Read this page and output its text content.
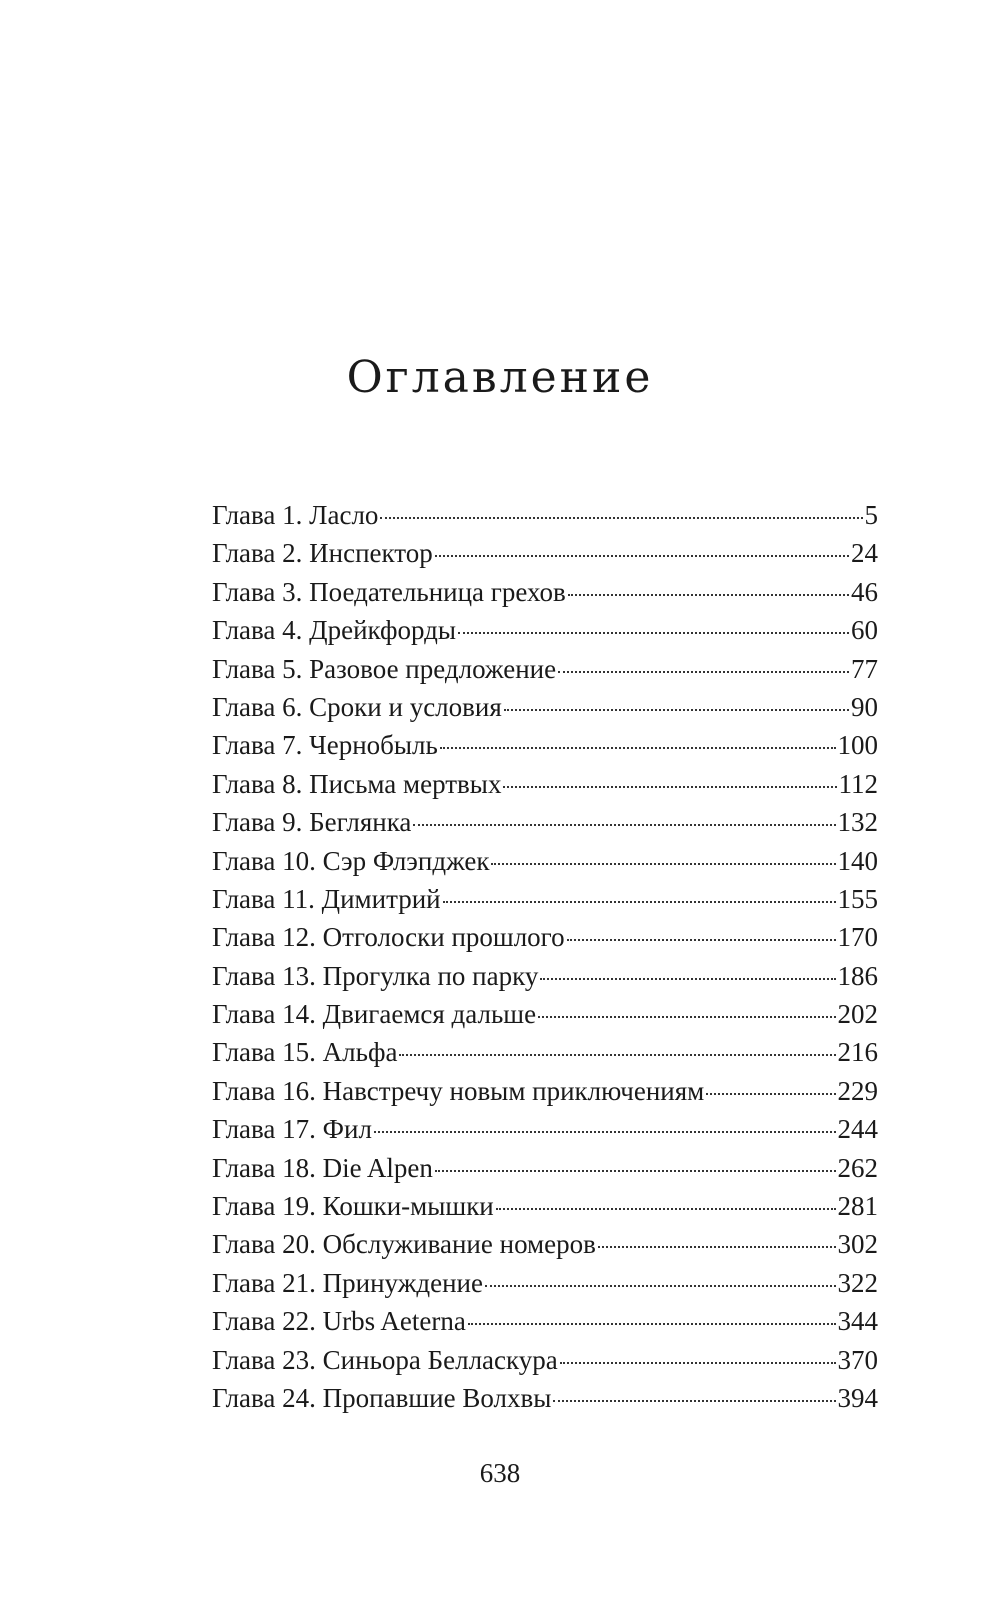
Оглавление
Глава 1. Ласло	5
Глава 2. Инспектор	24
Глава 3. Поедательница грехов	46
Глава 4. Дрейкфорды	60
Глава 5. Разовое предложение	77
Глава 6. Сроки и условия	90
Глава 7. Чернобыль	100
Глава 8. Письма мертвых	112
Глава 9. Беглянка	132
Глава 10. Сэр Флэпджек	140
Глава 11. Димитрий	155
Глава 12. Отголоски прошлого	170
Глава 13. Прогулка по парку	186
Глава 14. Двигаемся дальше	202
Глава 15. Альфа	216
Глава 16. Навстречу новым приключениям	229
Глава 17. Фил	244
Глава 18. Die Alpen	262
Глава 19. Кошки-мышки	281
Глава 20. Обслуживание номеров	302
Глава 21. Принуждение	322
Глава 22. Urbs Aeterna	344
Глава 23. Синьора Белласкура	370
Глава 24. Пропавшие Волхвы	394
638
